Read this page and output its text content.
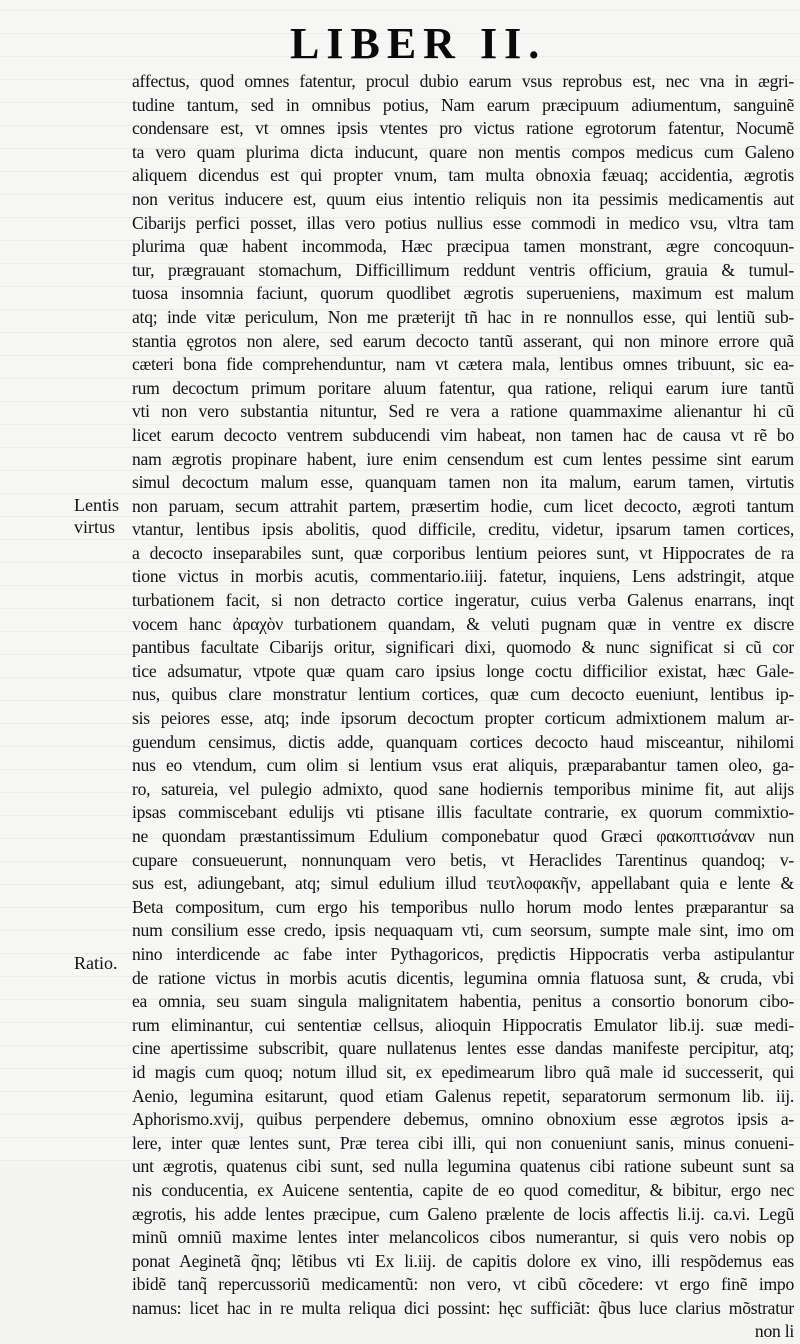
LIBER II.
Lentis
virtus
Ratio.
affectus, quod omnes fatentur, procul dubio earum vsus reprobus est, nec vna in ægri-
tudine tantum, sed in omnibus potius, Nam earum præcipuum adiumentum, sanguinẽ
condensare est, vt omnes ipsis vtentes pro victus ratione egrotorum fatentur, Nocumẽ
ta vero quam plurima dicta inducunt, quare non mentis compos medicus cum Galeno
aliquem dicendus est qui propter vnum, tam multa obnoxia fæuaq; accidentia, ægrotis
non veritus inducere est, quum eius intentio reliquis non ita pessimis medicamentis aut
Cibarijs perfici posset, illas vero potius nullius esse commodi in medico vsu, vltra tam
plurima quæ habent incommoda, Hæc præcipua tamen monstrant, ægre concoquun-
tur, prægrauant stomachum, Difficillimum reddunt ventris officium, grauia & tumul-
tuosa insomnia faciunt, quorum quodlibet ægrotis superueniens, maximum est malum
atq; inde vitæ periculum, Non me præterijt tñ hac in re nonnullos esse, qui lentiũ sub-
stantia ęgrotos non alere, sed earum decocto tantũ asserant, qui non minore errore quã
cæteri bona fide comprehenduntur, nam vt cætera mala, lentibus omnes tribuunt, sic ea-
rum decoctum primum poritare aluum fatentur, qua ratione, reliqui earum iure tantũ
vti non vero substantia nituntur, Sed re vera a ratione quammaxime alienantur hi cũ
licet earum decocto ventrem subducendi vim habeat, non tamen hac de causa vt rẽ bo
nam ægrotis propinare habent, iure enim censendum est cum lentes pessime sint earum
simul decoctum malum esse, quanquam tamen non ita malum, earum tamen, virtutis
non paruam, secum attrahit partem, præsertim hodie, cum licet decocto, ægroti tantum
vtantur, lentibus ipsis abolitis, quod difficile, creditu, videtur, ipsarum tamen cortices,
a decocto inseparabiles sunt, quæ corporibus lentium peiores sunt, vt Hippocrates de ra
tione victus in morbis acutis, commentario.iiij. fatetur, inquiens, Lens adstringit, atque
turbationem facit, si non detracto cortice ingeratur, cuius verba Galenus enarrans, inqt
vocem hanc ἀραχὸν turbationem quandam, & veluti pugnam quæ in ventre ex discre
pantibus facultate Cibarijs oritur, significari dixi, quomodo & nunc significat si cũ cor
tice adsumatur, vtpote quæ quam caro ipsius longe coctu difficilior existat, hæc Gale-
nus, quibus clare monstratur lentium cortices, quæ cum decocto eueniunt, lentibus ip-
sis peiores esse, atq; inde ipsorum decoctum propter corticum admixtionem malum ar-
guendum censimus, dictis adde, quanquam cortices decocto haud misceantur, nihilomi
nus eo vtendum, cum olim si lentium vsus erat aliquis, præparabantur tamen oleo, ga-
ro, satureia, vel pulegio admixto, quod sane hodiernis temporibus minime fit, aut alijs
ipsas commiscebant edulijs vti ptisane illis facultate contrarie, ex quorum commixtio-
ne quondam præstantissimum Edulium componebatur quod Græci φακοπτισάναν nun
cupare consueuerunt, nonnunquam vero betis, vt Heraclides Tarentinus quandoq; v-
sus est, adiungebant, atq; simul edulium illud τευτλοφακῆν, appellabant quia e lente &
Beta compositum, cum ergo his temporibus nullo horum modo lentes præparantur sa
num consilium esse credo, ipsis nequaquam vti, cum seorsum, sumpte male sint, imo om
nino interdicende ac fabe inter Pythagoricos, prędictis Hippocratis verba astipulantur
de ratione victus in morbis acutis dicentis, legumina omnia flatuosa sunt, & cruda, vbi
ea omnia, seu suam singula malignitatem habentia, penitus a consortio bonorum cibo-
rum eliminantur, cui sententiæ cellsus, alioquin Hippocratis Emulator lib.ij. suæ medi-
cine apertissime subscribit, quare nullatenus lentes esse dandas manifeste percipitur, atq;
id magis cum quoq; notum illud sit, ex epedimearum libro quã male id successerit, qui
Aenio, legumina esitarunt, quod etiam Galenus repetit, separatorum sermonum lib. iij.
Aphorismo.xvij, quibus perpendere debemus, omnino obnoxium esse ægrotos ipsis a-
lere, inter quæ lentes sunt, Præ terea cibi illi, qui non conueniunt sanis, minus conueni-
unt ægrotis, quatenus cibi sunt, sed nulla legumina quatenus cibi ratione subeunt sunt sa
nis conducentia, ex Auicene sententia, capite de eo quod comeditur, & bibitur, ergo nec
ægrotis, his adde lentes præcipue, cum Galeno prælente de locis affectis li.ij. ca.vi. Legũ
minũ omniũ maxime lentes inter melancolicos cibos numerantur, si quis vero nobis op
ponat Aeginetã q̃nq; lẽtibus vti Ex li.iij. de capitis dolore ex vino, illi respõdemus eas
ibidẽ tanq̃ repercussoriũ medicamentũ: non vero, vt cibũ cõcedere: vt ergo finẽ impo
namus: licet hac in re multa reliqua dici possint: hęc sufficiãt: q̃bus luce clarius mõstratur
non li
